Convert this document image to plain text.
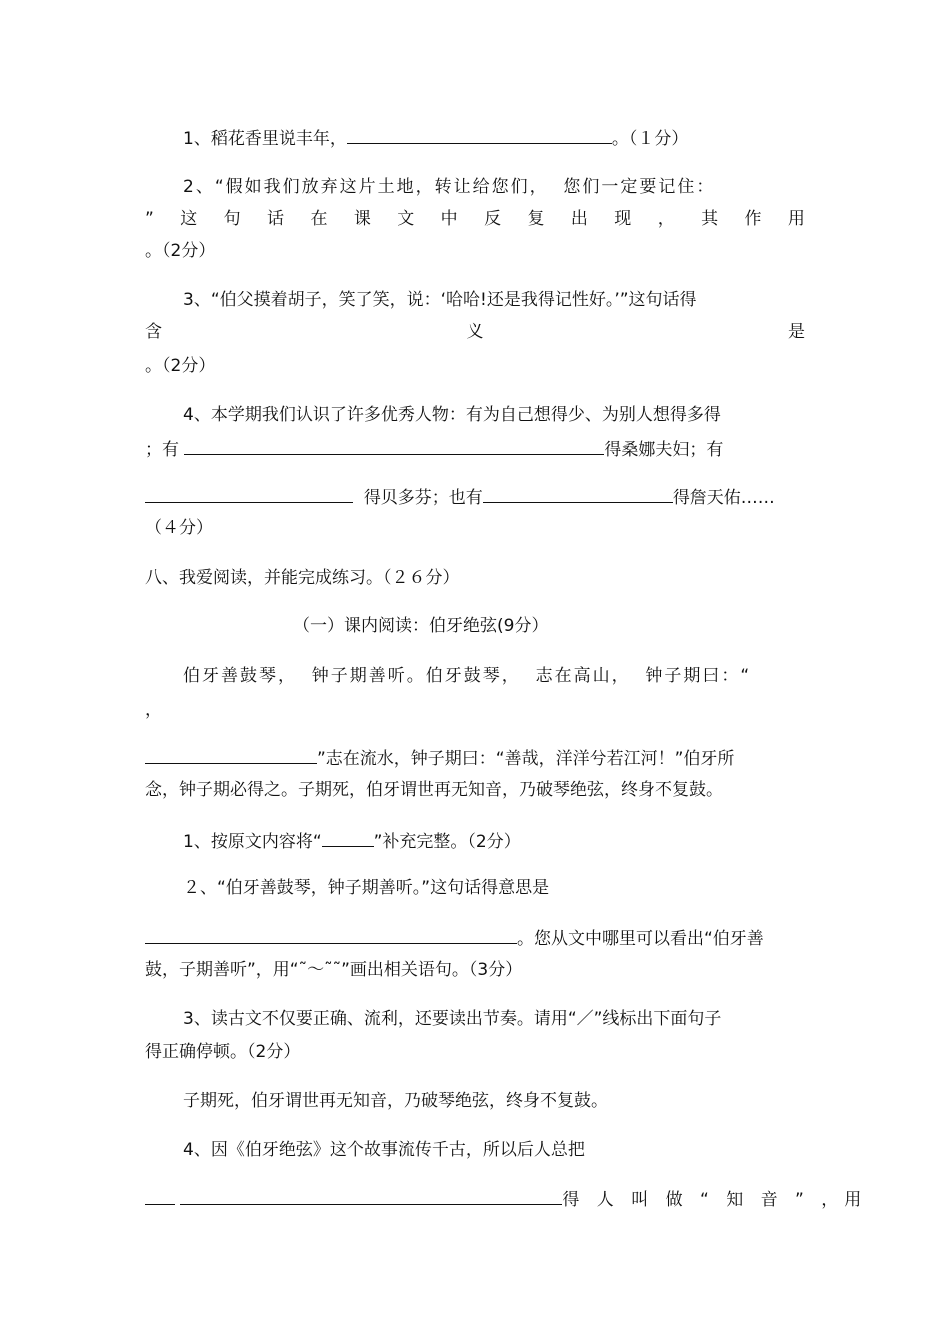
1、稻花香里说丰年，	。（１分）
2、“假如我们放弃这片土地，转让给您们，  您们一定要记住：
” 这 句 话 在 课 文 中 反 复 出 现 ， 其 作 用
。（2分）
3、“伯父摸着胡子，笑了笑，说：‘哈哈!还是我得记性好。’”这句话得
含	义	是
。（2分）
4、本学期我们认识了许多优秀人物：有为自己想得少、为别人想得多得
；有	得桑娜夫妇；有
得贝多芬；也有	得詹天佑……
（４分）
八、我爱阅读，并能完成练习。（２６分）
（一）课内阅读：伯牙绝弦(9分）
伯牙善鼓琴，  钟子期善听。伯牙鼓琴，  志在高山，  钟子期曰：“
，
”志在流水，钟子期曰：“善哉，洋洋兮若江河！”伯牙所
念，钟子期必得之。子期死，伯牙谓世再无知音，乃破琴绝弦，终身不复鼓。
1、按原文内容将“	”补充完整。（2分）
２、“伯牙善鼓琴，钟子期善听。”这句话得意思是
。您从文中哪里可以看出“伯牙善
鼓，子期善听”，用“˜～˜˜”画出相关语句。（3分）
3、读古文不仅要正确、流利，还要读出节奏。请用“／”线标出下面句子
得正确停顿。（2分）
子期死，伯牙谓世再无知音，乃破琴绝弦，终身不复鼓。
4、因《伯牙绝弦》这个故事流传千古，所以后人总把
得 人 叫 做 “ 知 音 ” ，用
